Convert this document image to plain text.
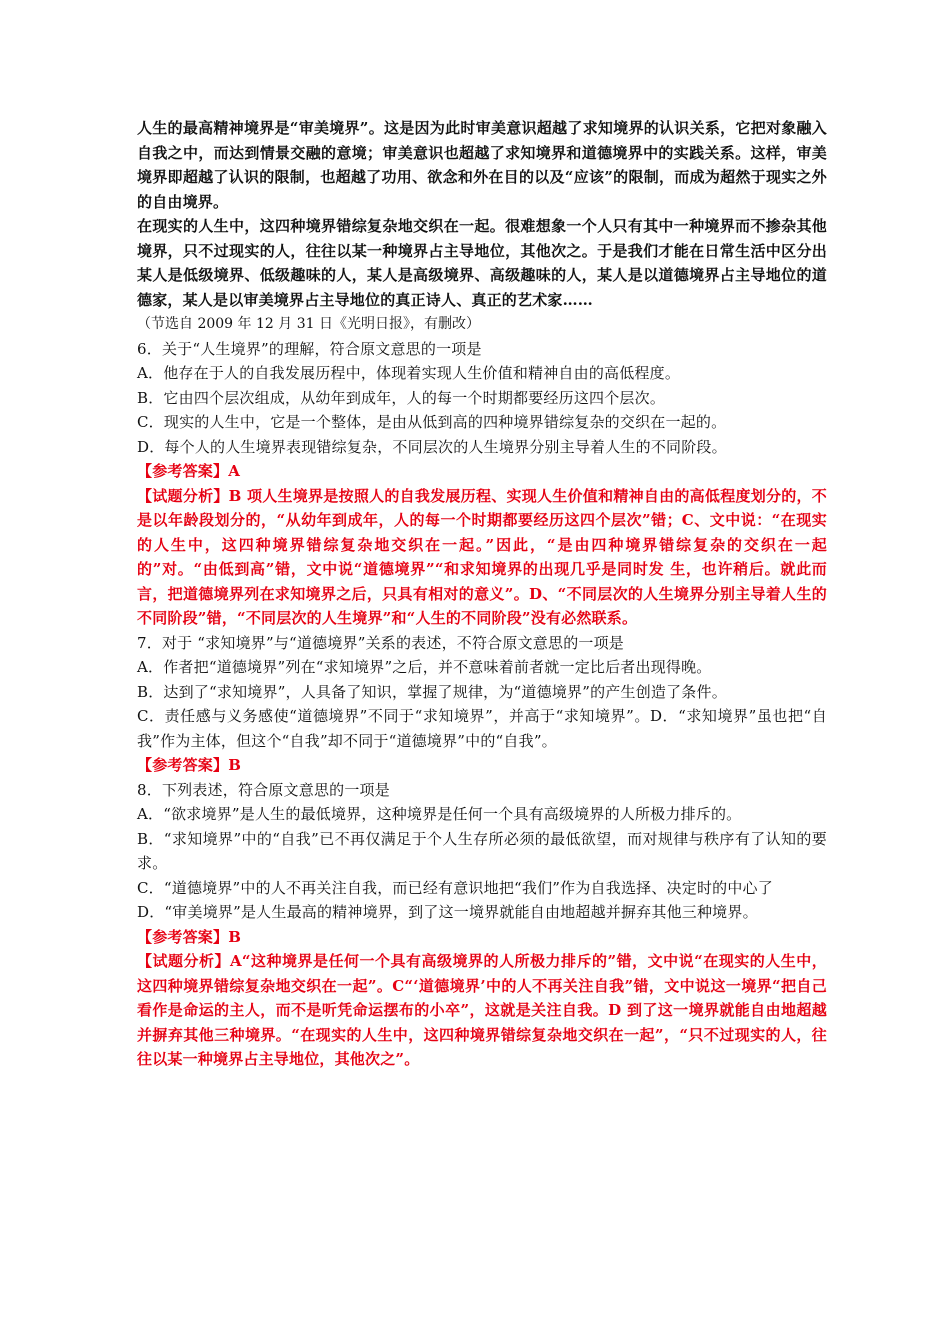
人生的最高精神境界是“审美境界”。这是因为此时审美意识超越了求知境界的认识关系，它把对象融入自我之中，而达到情景交融的意境；审美意识也超越了求知境界和道德境界中的实践关系。这样，审美境界即超越了认识的限制，也超越了功用、欲念和外在目的以及“应该”的限制，而成为超然于现实之外的自由境界。

在现实的人生中，这四种境界错综复杂地交织在一起。很难想象一个人只有其中一种境界而不掺杂其他境界，只不过现实的人，往往以某一种境界占主导地位，其他次之。于是我们才能在日常生活中区分出某人是低级境界、低级趣味的人，某人是高级境界、高级趣味的人，某人是以道德境界占主导地位的道德家，某人是以审美境界占主导地位的真正诗人、真正的艺术家……

（节选自 2009 年 12 月 31 日《光明日报》，有删改）

6．关于“人生境界”的理解，符合原文意思的一项是

A．他存在于人的自我发展历程中，体现着实现人生价值和精神自由的高低程度。

B．它由四个层次组成，从幼年到成年，人的每一个时期都要经历这四个层次。

C．现实的人生中，它是一个整体，是由从低到高的四种境界错综复杂的交织在一起的。

D．每个人的人生境界表现错综复杂，不同层次的人生境界分别主导着人生的不同阶段。

【参考答案】A

【试题分析】B 项人生境界是按照人的自我发展历程、实现人生价值和精神自由的高低程度划分的，不是以年龄段划分的，“从幼年到成年，人的每一个时期都要经历这四个层次”错；C、文中说：“在现实的人生中，这四种境界错综复杂地交织在一起。”因此，“是由四种境界错综复杂的交织在一起的”对。“由低到高”错，文中说“道德境界”“和求知境界的出现几乎是同时发 生，也许稍后。就此而言，把道德境界列在求知境界之后，只具有相对的意义”。D、“不同层次的人生境界分别主导着人生的不同阶段”错，“不同层次的人生境界”和“人生的不同阶段”没有必然联系。

7．对于 “求知境界”与“道德境界”关系的表述，不符合原文意思的一项是

A．作者把“道德境界”列在“求知境界”之后，并不意味着前者就一定比后者出现得晚。

B．达到了“求知境界”，人具备了知识，掌握了规律，为“道德境界”的产生创造了条件。

C．责任感与义务感使“道德境界”不同于“求知境界”，并高于“求知境界”。D．“求知境界”虽也把“自我”作为主体，但这个“自我”却不同于“道德境界”中的“自我”。

【参考答案】B

8．下列表述，符合原文意思的一项是

A．“欲求境界”是人生的最低境界，这种境界是任何一个具有高级境界的人所极力排斥的。

B．“求知境界”中的“自我”已不再仅满足于个人生存所必须的最低欲望，而对规律与秩序有了认知的要求。

C．“道德境界”中的人不再关注自我，而已经有意识地把“我们”作为自我选择、决定时的中心了

D．“审美境界”是人生最高的精神境界，到了这一境界就能自由地超越并摒弃其他三种境界。

【参考答案】B

【试题分析】A“这种境界是任何一个具有高级境界的人所极力排斥的”错，文中说“在现实的人生中，这四种境界错综复杂地交织在一起”。C“‘道德境界’中的人不再关注自我”错，文中说这一境界“把自己看作是命运的主人，而不是听凭命运摆布的小卒”，这就是关注自我。D 到了这一境界就能自由地超越并摒弃其他三种境界。“在现实的人生中，这四种境界错综复杂地交织在一起”，“只不过现实的人，往往以某一种境界占主导地位，其他次之”。
